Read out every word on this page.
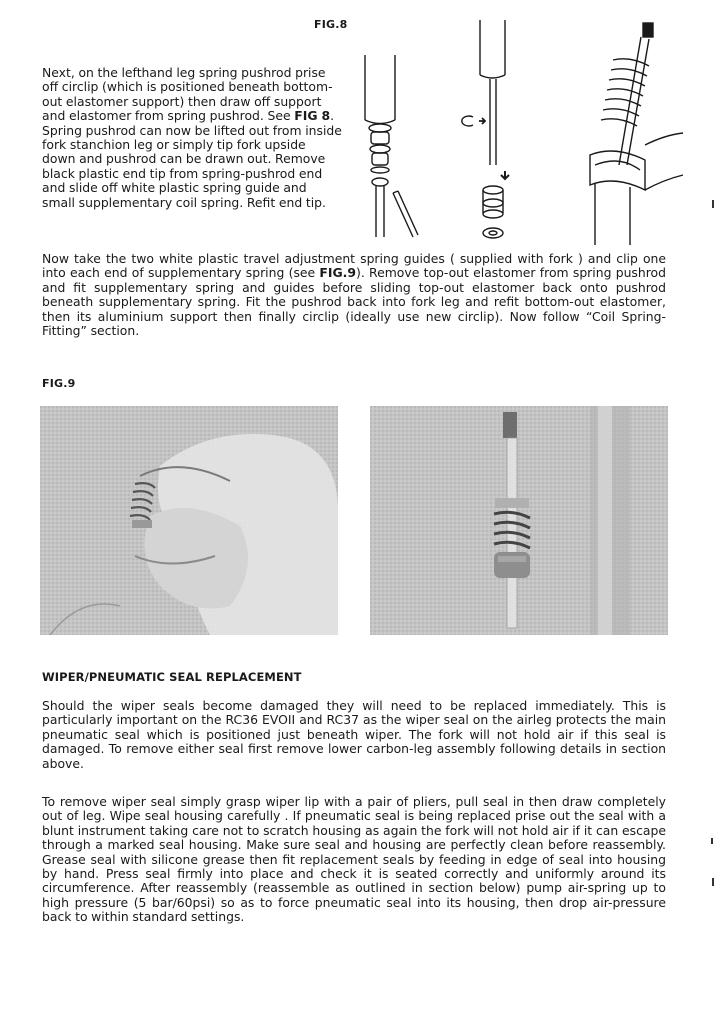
FIG.8

Next, on the lefthand leg spring pushrod prise off circlip (which is positioned beneath bottom-out elastomer support) then draw off support and elastomer from spring pushrod. See FIG 8. Spring pushrod can now be lifted out from inside fork stanchion leg or simply tip fork upside down and pushrod can be drawn out. Remove black plastic end tip from spring-pushrod end and slide off white plastic spring guide and small supplementary coil spring. Refit end tip.

Now take the two white plastic travel adjustment spring guides ( supplied with fork ) and clip one into each end of supplementary spring (see FIG.9). Remove top-out elastomer from spring pushrod and fit supplementary spring and guides before sliding top-out elastomer back onto pushrod beneath supplementary spring. Fit the pushrod back into fork leg and refit bottom-out elastomer, then its aluminium support then finally circlip (ideally use new circlip). Now follow “Coil Spring-Fitting” section.

FIG.9
WIPER/PNEUMATIC SEAL REPLACEMENT

Should the wiper seals become damaged they will need to be replaced immediately. This is particularly important on the RC36 EVOII and RC37 as the wiper seal on the airleg protects the main pneumatic seal which is positioned just beneath wiper. The fork will not hold air if this seal is damaged. To remove either seal first remove lower carbon-leg assembly following details in section above.

To remove wiper seal simply grasp wiper lip with a pair of pliers, pull seal in then draw completely out of leg. Wipe seal housing carefully . If pneumatic seal is being replaced prise out the seal with a blunt instrument taking care not to scratch housing as again the fork will not hold air if it can escape through a marked seal housing. Make sure seal and housing are perfectly clean before reassembly. Grease seal with silicone grease then fit replacement seals by feeding in edge of seal into housing by hand. Press seal firmly into place and check it is seated correctly and uniformly around its circumference. After reassembly (reassemble as outlined in section below) pump air-spring up to high pressure (5 bar/60psi) so as to force pneumatic seal into its housing, then drop air-pressure back to within standard settings.
